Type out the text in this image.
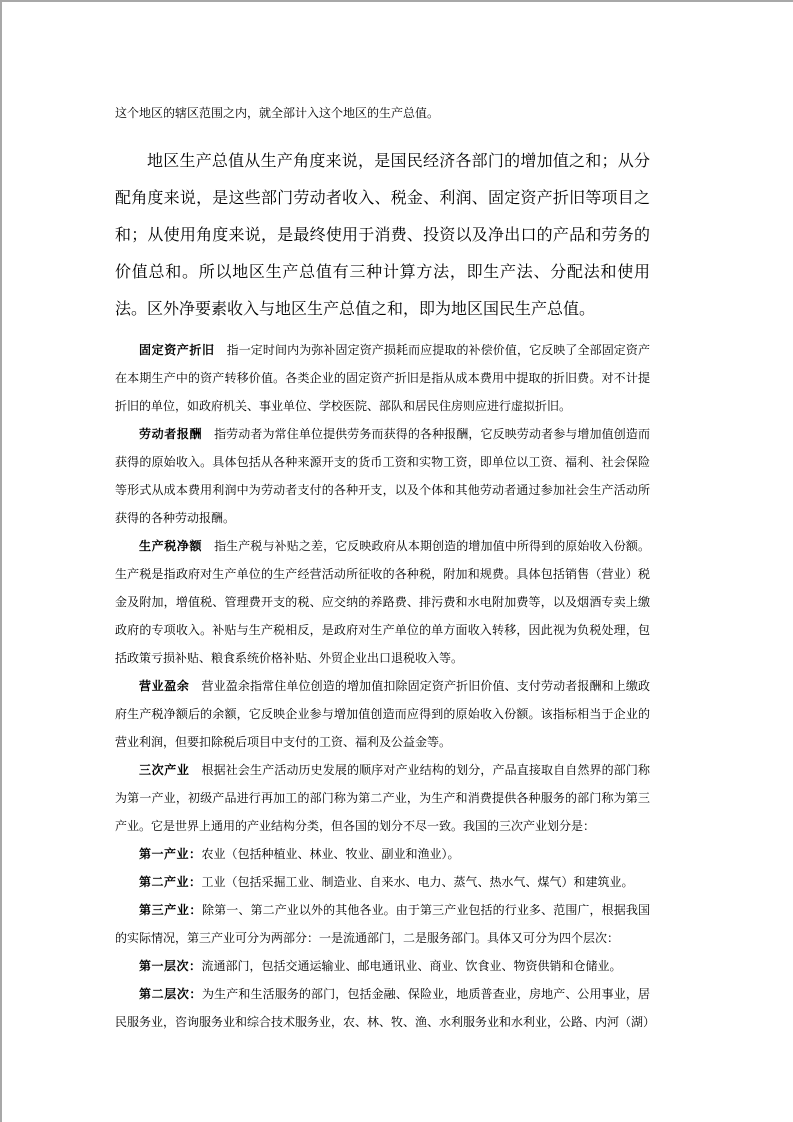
这个地区的辖区范围之内，就全部计入这个地区的生产总值。

地区生产总值从生产角度来说，是国民经济各部门的增加值之和；从分配角度来说，是这些部门劳动者收入、税金、利润、固定资产折旧等项目之和；从使用角度来说，是最终使用于消费、投资以及净出口的产品和劳务的价值总和。所以地区生产总值有三种计算方法，即生产法、分配法和使用法。区外净要素收入与地区生产总值之和，即为地区国民生产总值。

固定资产折旧 指一定时间内为弥补固定资产损耗而应提取的补偿价值，它反映了全部固定资产在本期生产中的资产转移价值。各类企业的固定资产折旧是指从成本费用中提取的折旧费。对不计提折旧的单位，如政府机关、事业单位、学校医院、部队和居民住房则应进行虚拟折旧。

劳动者报酬 指劳动者为常住单位提供劳务而获得的各种报酬，它反映劳动者参与增加值创造而获得的原始收入。具体包括从各种来源开支的货币工资和实物工资，即单位以工资、福利、社会保险等形式从成本费用利润中为劳动者支付的各种开支，以及个体和其他劳动者通过参加社会生产活动所获得的各种劳动报酬。

生产税净额 指生产税与补贴之差，它反映政府从本期创造的增加值中所得到的原始收入份额。生产税是指政府对生产单位的生产经营活动所征收的各种税，附加和规费。具体包括销售（营业）税金及附加，增值税、管理费开支的税、应交纳的养路费、排污费和水电附加费等，以及烟酒专卖上缴政府的专项收入。补贴与生产税相反，是政府对生产单位的单方面收入转移，因此视为负税处理，包括政策亏损补贴、粮食系统价格补贴、外贸企业出口退税收入等。

营业盈余 营业盈余指常住单位创造的增加值扣除固定资产折旧价值、支付劳动者报酬和上缴政府生产税净额后的余额，它反映企业参与增加值创造而应得到的原始收入份额。该指标相当于企业的营业利润，但要扣除税后项目中支付的工资、福利及公益金等。

三次产业 根据社会生产活动历史发展的顺序对产业结构的划分，产品直接取自自然界的部门称为第一产业，初级产品进行再加工的部门称为第二产业，为生产和消费提供各种服务的部门称为第三产业。它是世界上通用的产业结构分类，但各国的划分不尽一致。我国的三次产业划分是：

第一产业：农业（包括种植业、林业、牧业、副业和渔业）。

第二产业：工业（包括采掘工业、制造业、自来水、电力、蒸气、热水气、煤气）和建筑业。

第三产业：除第一、第二产业以外的其他各业。由于第三产业包括的行业多、范围广，根据我国的实际情况，第三产业可分为两部分：一是流通部门，二是服务部门。具体又可分为四个层次：

第一层次：流通部门，包括交通运输业、邮电通讯业、商业、饮食业、物资供销和仓储业。

第二层次：为生产和生活服务的部门，包括金融、保险业，地质普查业，房地产、公用事业，居民服务业，咨询服务业和综合技术服务业，农、林、牧、渔、水利服务业和水利业，公路、内河（湖）
